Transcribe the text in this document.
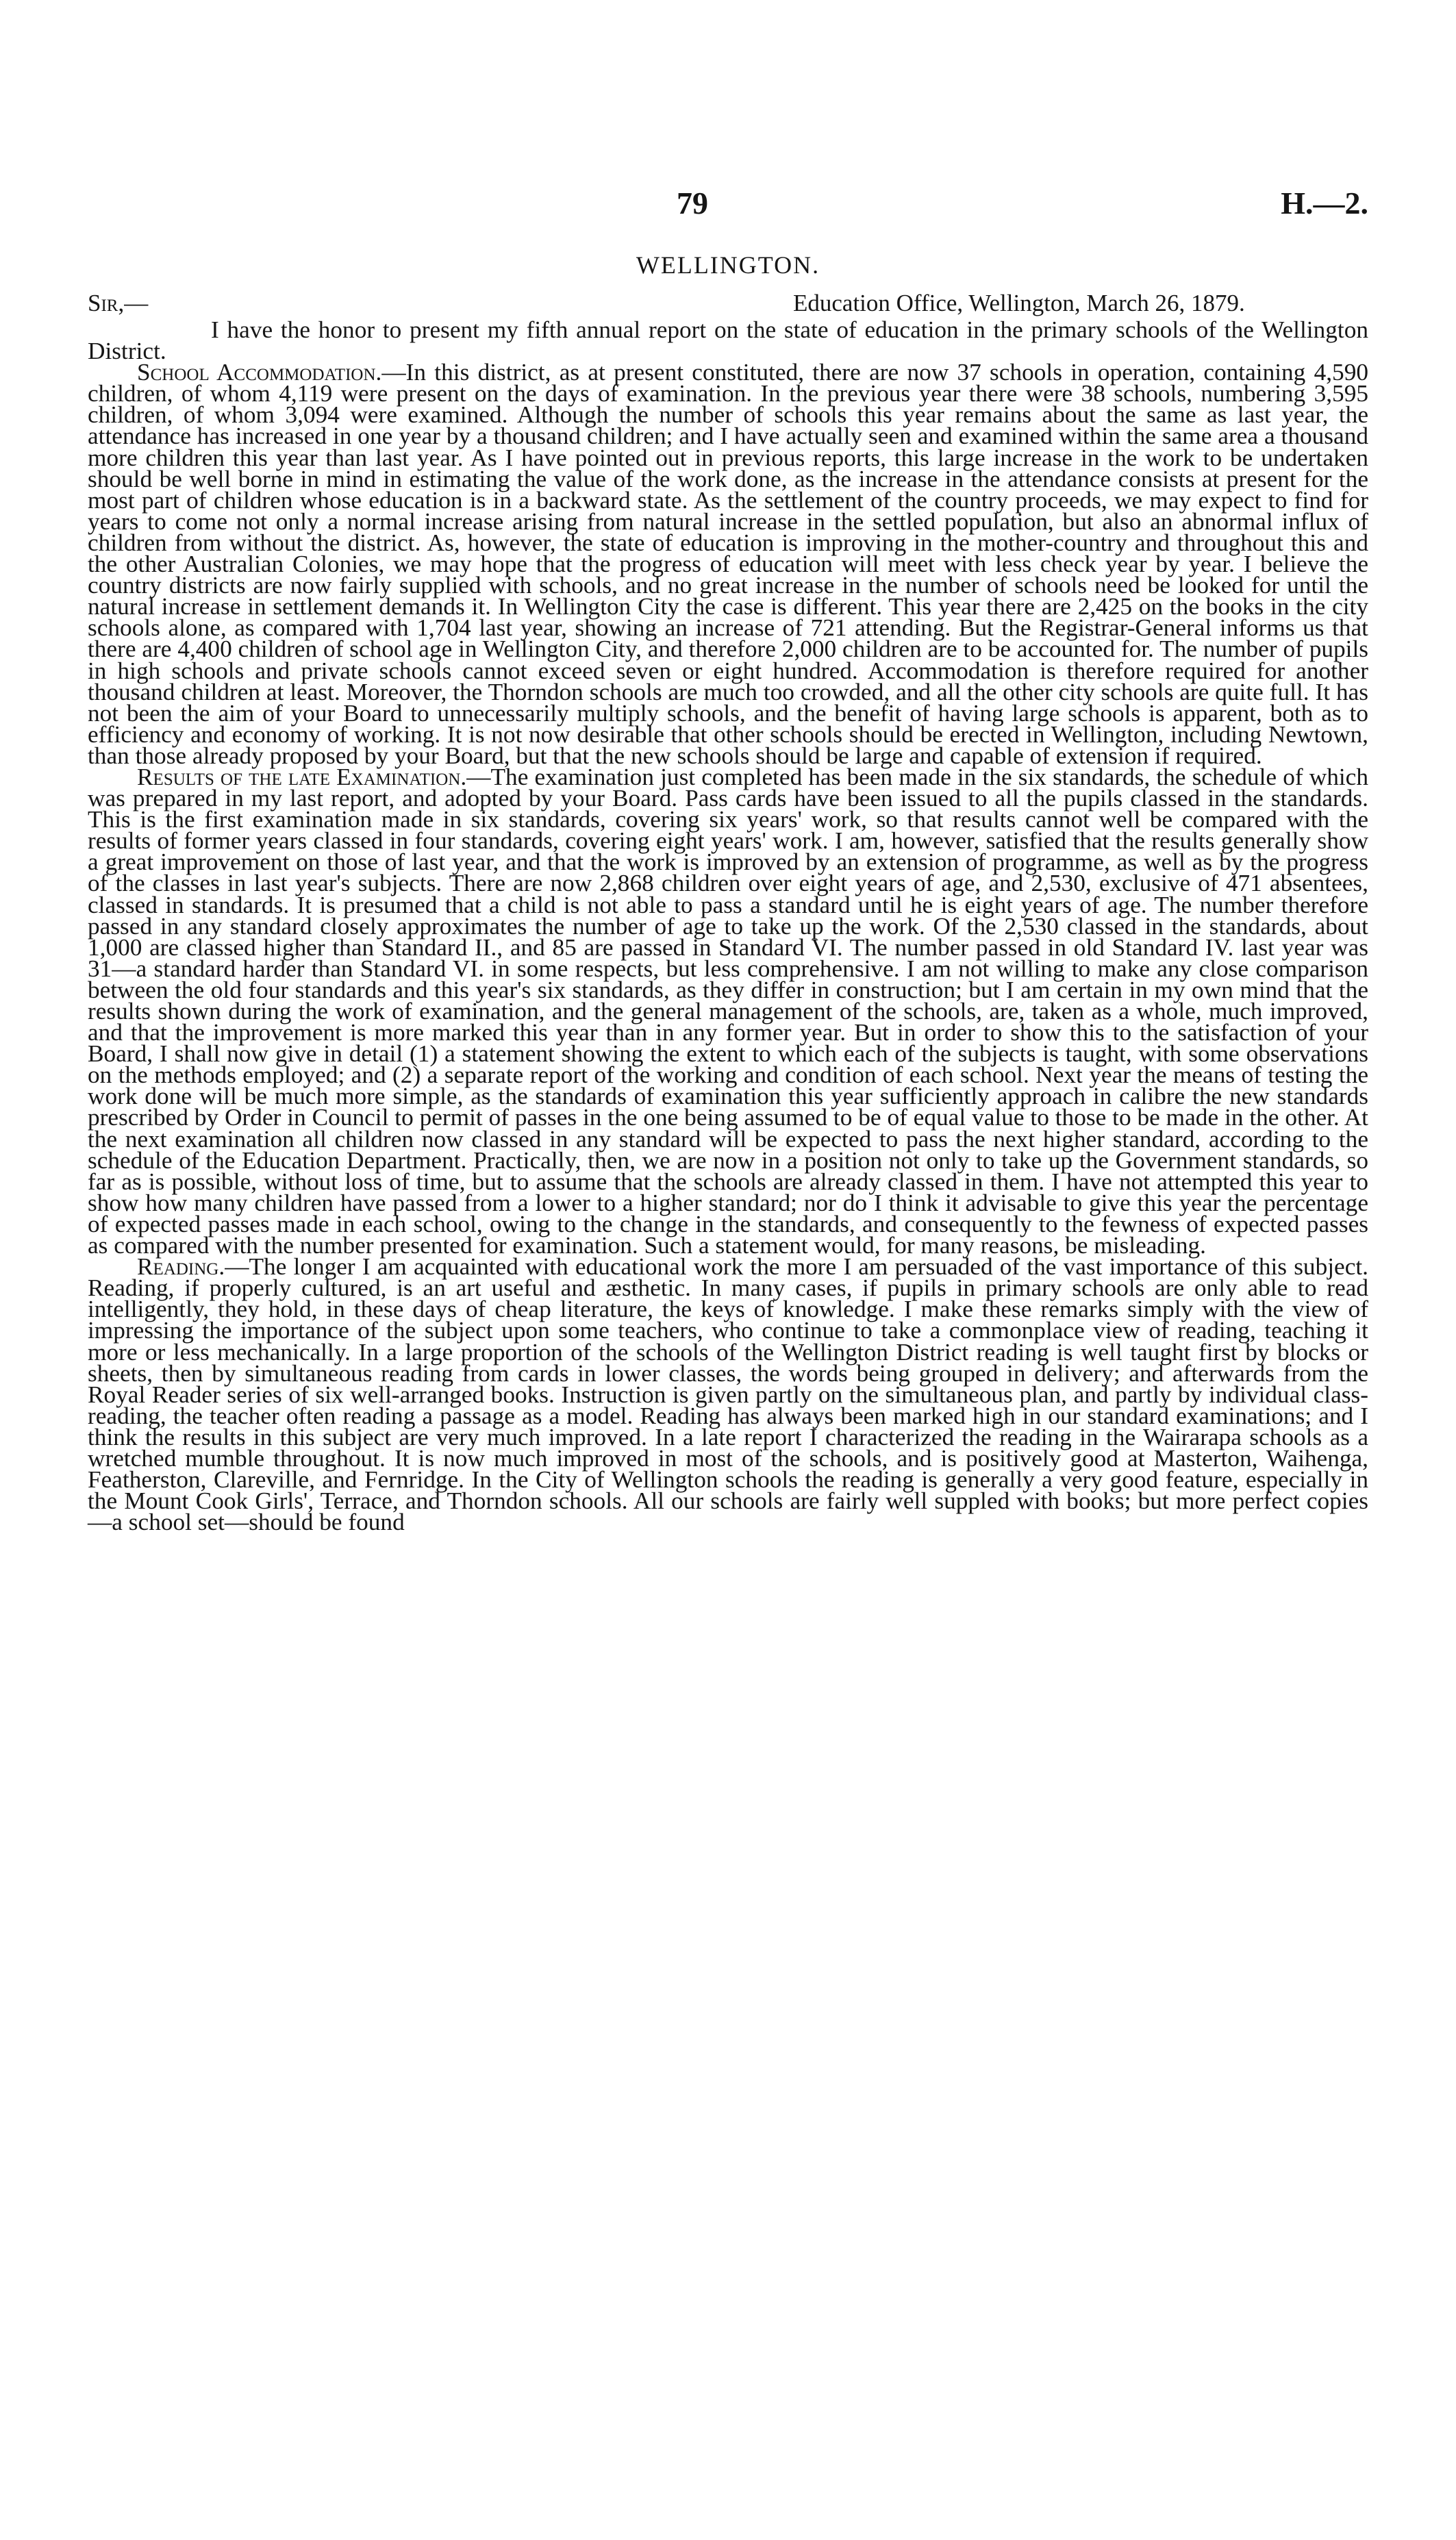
79	H.—2.
WELLINGTON.
Sir,—	Education Office, Wellington, March 26, 1879.

I have the honor to present my fifth annual report on the state of education in the primary schools of the Wellington District.

School Accommodation.—In this district, as at present constituted, there are now 37 schools in operation, containing 4,590 children, of whom 4,119 were present on the days of examination. In the previous year there were 38 schools, numbering 3,595 children, of whom 3,094 were examined. Although the number of schools this year remains about the same as last year, the attendance has increased in one year by a thousand children; and I have actually seen and examined within the same area a thousand more children this year than last year. As I have pointed out in previous reports, this large increase in the work to be undertaken should be well borne in mind in estimating the value of the work done, as the increase in the attendance consists at present for the most part of children whose education is in a backward state. As the settlement of the country proceeds, we may expect to find for years to come not only a normal increase arising from natural increase in the settled population, but also an abnormal influx of children from without the district. As, however, the state of education is improving in the mother-country and throughout this and the other Australian Colonies, we may hope that the progress of education will meet with less check year by year. I believe the country districts are now fairly supplied with schools, and no great increase in the number of schools need be looked for until the natural increase in settlement demands it. In Wellington City the case is different. This year there are 2,425 on the books in the city schools alone, as compared with 1,704 last year, showing an increase of 721 attending. But the Registrar-General informs us that there are 4,400 children of school age in Wellington City, and therefore 2,000 children are to be accounted for. The number of pupils in high schools and private schools cannot exceed seven or eight hundred. Accommodation is therefore required for another thousand children at least. Moreover, the Thorndon schools are much too crowded, and all the other city schools are quite full. It has not been the aim of your Board to unnecessarily multiply schools, and the benefit of having large schools is apparent, both as to efficiency and economy of working. It is not now desirable that other schools should be erected in Wellington, including Newtown, than those already proposed by your Board, but that the new schools should be large and capable of extension if required.

Results of the late Examination.—The examination just completed has been made in the six standards, the schedule of which was prepared in my last report, and adopted by your Board. Pass cards have been issued to all the pupils classed in the standards. This is the first examination made in six standards, covering six years' work, so that results cannot well be compared with the results of former years classed in four standards, covering eight years' work. I am, however, satisfied that the results generally show a great improvement on those of last year, and that the work is improved by an extension of programme, as well as by the progress of the classes in last year's subjects. There are now 2,868 children over eight years of age, and 2,530, exclusive of 471 absentees, classed in standards. It is presumed that a child is not able to pass a standard until he is eight years of age. The number therefore passed in any standard closely approximates the number of age to take up the work. Of the 2,530 classed in the standards, about 1,000 are classed higher than Standard II., and 85 are passed in Standard VI. The number passed in old Standard IV. last year was 31—a standard harder than Standard VI. in some respects, but less comprehensive. I am not willing to make any close comparison between the old four standards and this year's six standards, as they differ in construction; but I am certain in my own mind that the results shown during the work of examination, and the general management of the schools, are, taken as a whole, much improved, and that the improvement is more marked this year than in any former year. But in order to show this to the satisfaction of your Board, I shall now give in detail (1) a statement showing the extent to which each of the subjects is taught, with some observations on the methods employed; and (2) a separate report of the working and condition of each school. Next year the means of testing the work done will be much more simple, as the standards of examination this year sufficiently approach in calibre the new standards prescribed by Order in Council to permit of passes in the one being assumed to be of equal value to those to be made in the other. At the next examination all children now classed in any standard will be expected to pass the next higher standard, according to the schedule of the Education Department. Practically, then, we are now in a position not only to take up the Government standards, so far as is possible, without loss of time, but to assume that the schools are already classed in them. I have not attempted this year to show how many children have passed from a lower to a higher standard; nor do I think it advisable to give this year the percentage of expected passes made in each school, owing to the change in the standards, and consequently to the fewness of expected passes as compared with the number presented for examination. Such a statement would, for many reasons, be misleading.

Reading.—The longer I am acquainted with educational work the more I am persuaded of the vast importance of this subject. Reading, if properly cultured, is an art useful and æsthetic. In many cases, if pupils in primary schools are only able to read intelligently, they hold, in these days of cheap literature, the keys of knowledge. I make these remarks simply with the view of impressing the importance of the subject upon some teachers, who continue to take a commonplace view of reading, teaching it more or less mechanically. In a large proportion of the schools of the Wellington District reading is well taught first by blocks or sheets, then by simultaneous reading from cards in lower classes, the words being grouped in delivery; and afterwards from the Royal Reader series of six well-arranged books. Instruction is given partly on the simultaneous plan, and partly by individual class-reading, the teacher often reading a passage as a model. Reading has always been marked high in our standard examinations; and I think the results in this subject are very much improved. In a late report I characterized the reading in the Wairarapa schools as a wretched mumble throughout. It is now much improved in most of the schools, and is positively good at Masterton, Waihenga, Featherston, Clareville, and Fernridge. In the City of Wellington schools the reading is generally a very good feature, especially in the Mount Cook Girls', Terrace, and Thorndon schools. All our schools are fairly well suppled with books; but more perfect copies—a school set—should be found
